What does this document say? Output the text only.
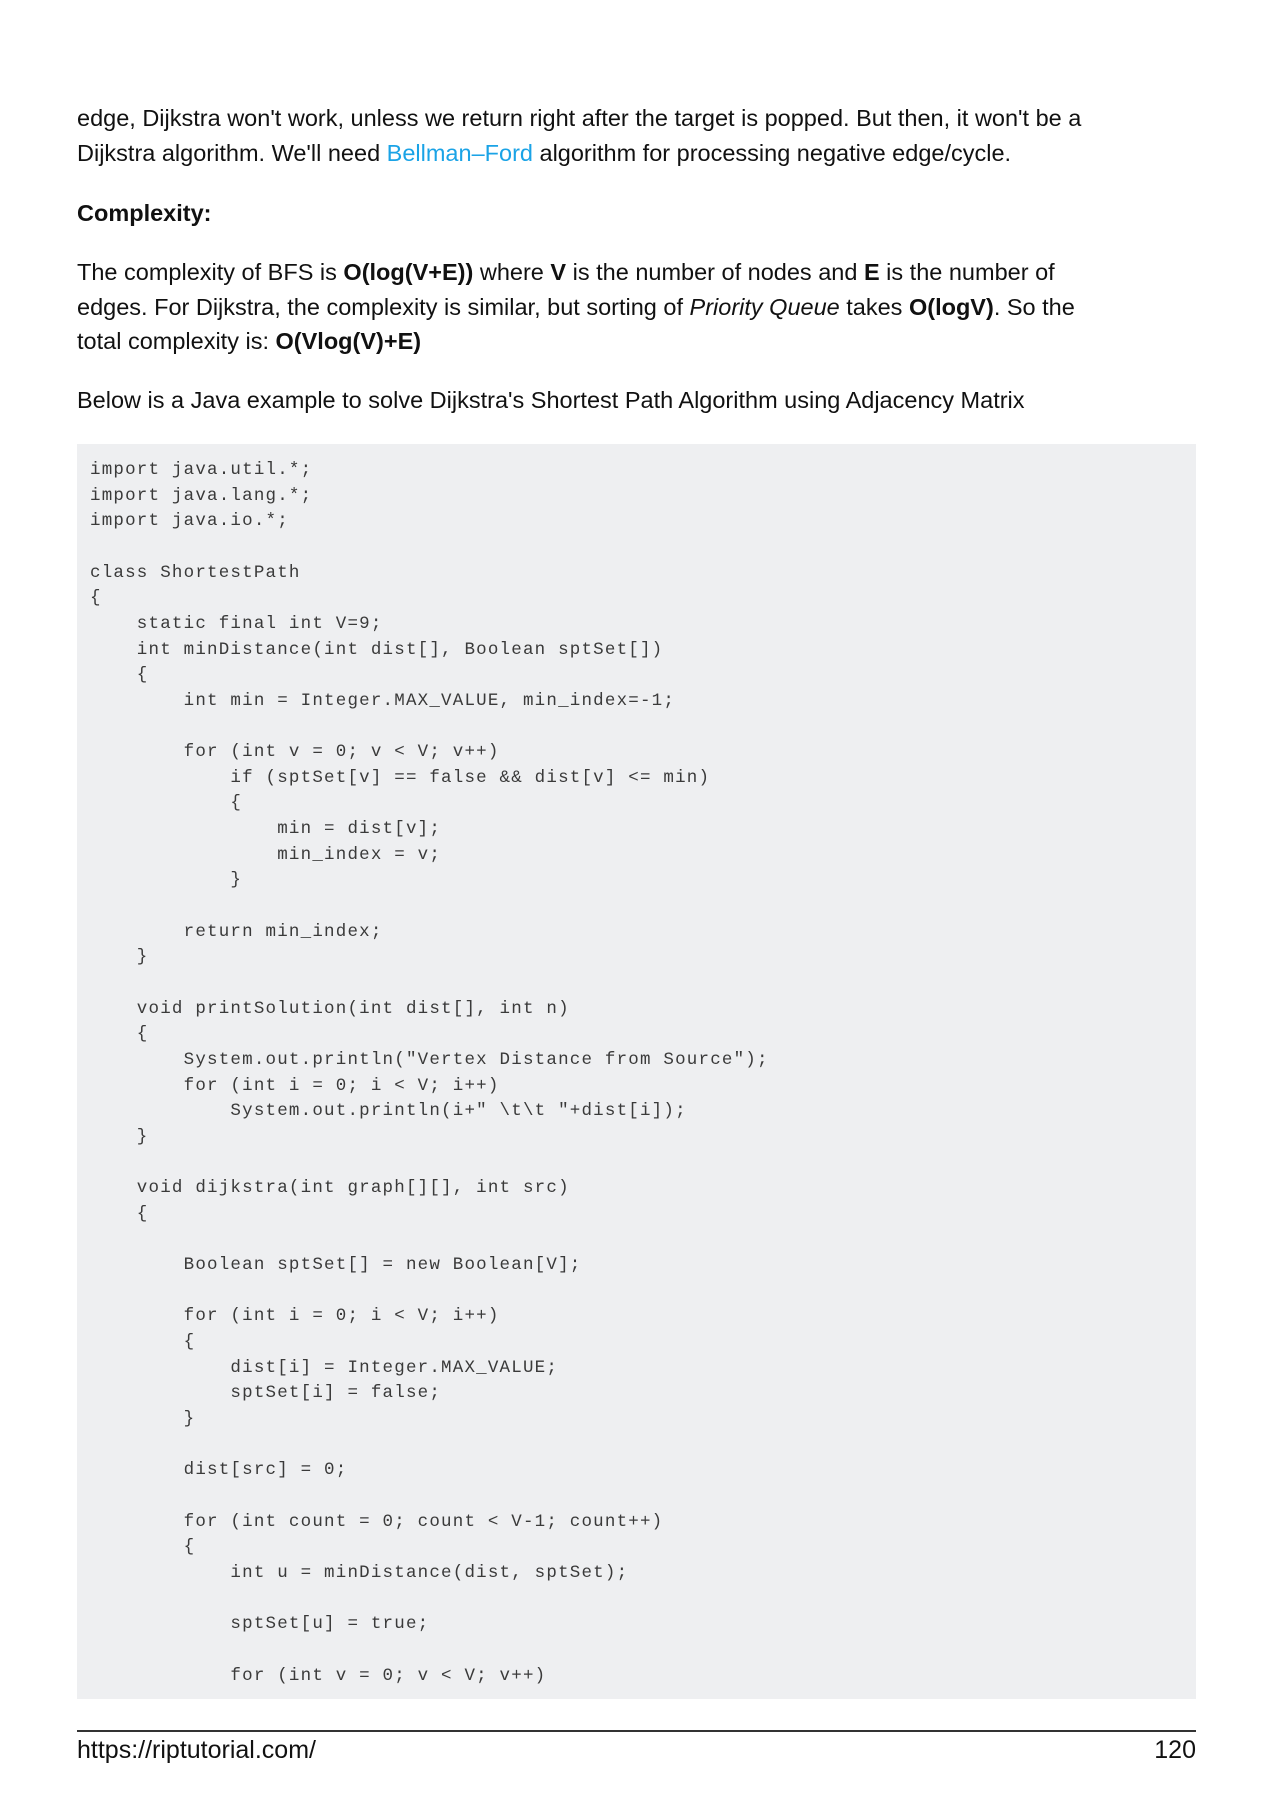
edge, Dijkstra won't work, unless we return right after the target is popped. But then, it won't be a
Dijkstra algorithm. We'll need Bellman–Ford algorithm for processing negative edge/cycle.

Complexity:

The complexity of BFS is O(log(V+E)) where V is the number of nodes and E is the number of
edges. For Dijkstra, the complexity is similar, but sorting of Priority Queue takes O(logV). So the
total complexity is: O(Vlog(V)+E)

Below is a Java example to solve Dijkstra's Shortest Path Algorithm using Adjacency Matrix

import java.util.*;
import java.lang.*;
import java.io.*;
class ShortestPath
{
static final int V=9;
int minDistance(int dist[], Boolean sptSet[])
{
int min = Integer.MAX_VALUE, min_index=-1;
for (int v = 0; v < V; v++)
if (sptSet[v] == false && dist[v] <= min)
{
min = dist[v];
min_index = v;
}
return min_index;
}
void printSolution(int dist[], int n)
{
System.out.println("Vertex Distance from Source");
for (int i = 0; i < V; i++)
System.out.println(i+" \t\t "+dist[i]);
}
void dijkstra(int graph[][], int src)
{
Boolean sptSet[] = new Boolean[V];
for (int i = 0; i < V; i++)
{
dist[i] = Integer.MAX_VALUE;
sptSet[i] = false;
}
dist[src] = 0;
for (int count = 0; count < V-1; count++)
{
int u = minDistance(dist, sptSet);
sptSet[u] = true;
for (int v = 0; v < V; v++)
https://riptutorial.com/	120
